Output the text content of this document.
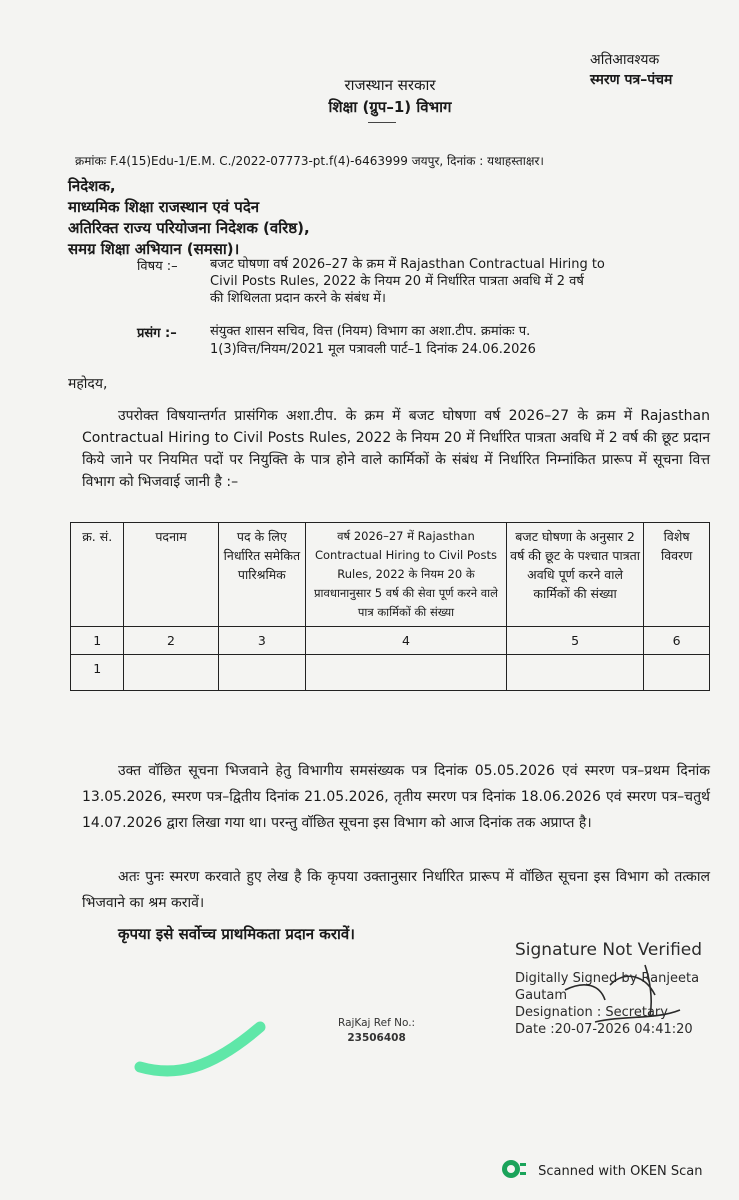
अतिआवश्यक
स्मरण पत्र–पंचम
राजस्थान सरकार
शिक्षा (ग्रुप–1) विभाग
क्रमांकः F.4(15)Edu-1/E.M. C./2022-07773-pt.f(4)-6463999 जयपुर, दिनांक : यथाहस्ताक्षर।
निदेशक,
माध्यमिक शिक्षा राजस्थान एवं पदेन
अतिरिक्त राज्य परियोजना निदेशक (वरिष्ठ),
समग्र शिक्षा अभियान (समसा)।
विषय :– बजट घोषणा वर्ष 2026–27 के क्रम में Rajasthan Contractual Hiring to
Civil Posts Rules, 2022 के नियम 20 में निर्धारित पात्रता अवधि में 2 वर्ष
की शिथिलता प्रदान करने के संबंध में।
प्रसंग :–	संयुक्त शासन सचिव, वित्त (नियम) विभाग का अशा.टीप. क्रमांकः प.
1(3)वित्त/नियम/2021 मूल पत्रावली पार्ट–1 दिनांक 24.06.2026
महोदय,
उपरोक्त विषयान्तर्गत प्रासंगिक अशा.टीप. के क्रम में बजट घोषणा वर्ष 2026–27 के क्रम में Rajasthan Contractual Hiring to Civil Posts Rules, 2022 के नियम 20 में निर्धारित पात्रता अवधि में 2 वर्ष की छूट प्रदान किये जाने पर नियमित पदों पर नियुक्ति के पात्र होने वाले कार्मिकों के संबंध में निर्धारित निम्नांकित प्रारूप में सूचना वित्त विभाग को भिजवाई जानी है :–
क्र. सं.	पदनाम	पद के लिए निर्धारित समेकित पारिश्रमिक	वर्ष 2026–27 में Rajasthan Contractual Hiring to Civil Posts Rules, 2022 के नियम 20 के प्रावधानानुसार 5 वर्ष की सेवा पूर्ण करने वाले पात्र कार्मिकों की संख्या	बजट घोषणा के अनुसार 2 वर्ष की छूट के पश्चात पात्रता अवधि पूर्ण करने वाले कार्मिकों की संख्या	विशेष विवरण
1	2	3	4	5	6
1					
उक्त वॉछित सूचना भिजवाने हेतु विभागीय समसंख्यक पत्र दिनांक 05.05.2026 एवं स्मरण पत्र–प्रथम दिनांक 13.05.2026, स्मरण पत्र–द्वितीय दिनांक 21.05.2026, तृतीय स्मरण पत्र दिनांक 18.06.2026 एवं स्मरण पत्र–चतुर्थ 14.07.2026 द्वारा लिखा गया था। परन्तु वॉछित सूचना इस विभाग को आज दिनांक तक अप्राप्त है।
अतः पुनः स्मरण करवाते हुए लेख है कि कृपया उक्तानुसार निर्धारित प्रारूप में वॉछित सूचना इस विभाग को तत्काल भिजवाने का श्रम करावें।
कृपया इसे सर्वोच्च प्राथमिकता प्रदान करावें।
Signature Not Verified
Digitally Signed by Ranjeeta
Gautam
Designation : Secretary
Date :20-07-2026 04:41:20
RajKaj Ref No.:
23506408
Scanned with OKEN Scan
